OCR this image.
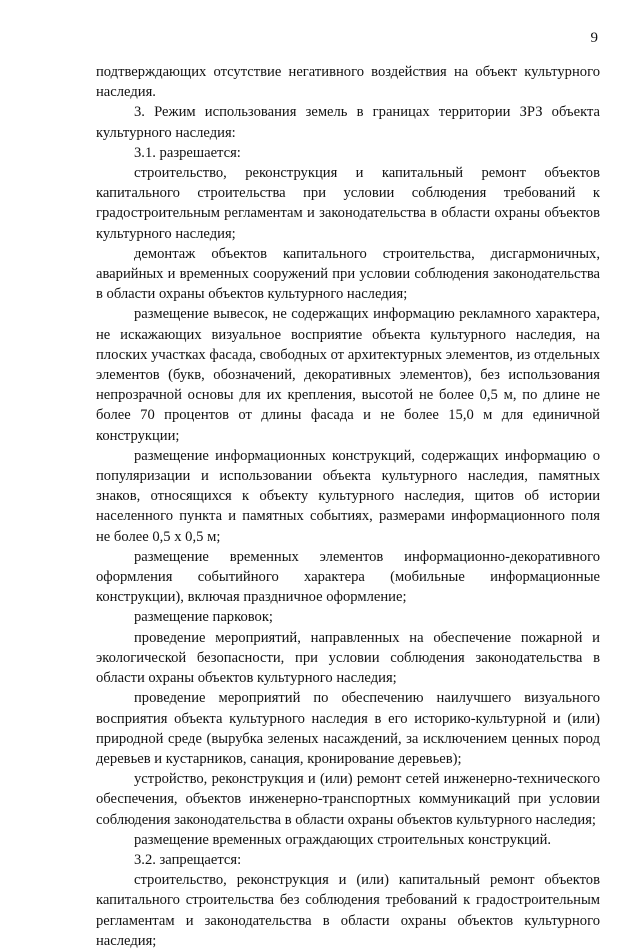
9

подтверждающих отсутствие негативного воздействия на объект культурного наследия.

3. Режим использования земель в границах территории ЗРЗ объекта культурного наследия:

3.1. разрешается:

строительство, реконструкция и капитальный ремонт объектов капитального строительства при условии соблюдения требований к градостроительным регламентам и законодательства в области охраны объектов культурного наследия;

демонтаж объектов капитального строительства, дисгармоничных, аварийных и временных сооружений при условии соблюдения законодательства в области охраны объектов культурного наследия;

размещение вывесок, не содержащих информацию рекламного характера, не искажающих визуальное восприятие объекта культурного наследия, на плоских участках фасада, свободных от архитектурных элементов, из отдельных элементов (букв, обозначений, декоративных элементов), без использования непрозрачной основы для их крепления, высотой не более 0,5 м, по длине не более 70 процентов от длины фасада и не более 15,0 м для единичной конструкции;

размещение информационных конструкций, содержащих информацию о популяризации и использовании объекта культурного наследия, памятных знаков, относящихся к объекту культурного наследия, щитов об истории населенного пункта и памятных событиях, размерами информационного поля не более 0,5 х 0,5 м;

размещение временных элементов информационно-декоративного оформления событийного характера (мобильные информационные конструкции), включая праздничное оформление;

размещение парковок;

проведение мероприятий, направленных на обеспечение пожарной и экологической безопасности, при условии соблюдения законодательства в области охраны объектов культурного наследия;

проведение мероприятий по обеспечению наилучшего визуального восприятия объекта культурного наследия в его историко-культурной и (или) природной среде (вырубка зеленых насаждений, за исключением ценных пород деревьев и кустарников, санация, кронирование деревьев);

устройство, реконструкция и (или) ремонт сетей инженерно-технического обеспечения, объектов инженерно-транспортных коммуникаций при условии соблюдения законодательства в области охраны объектов культурного наследия;

размещение временных ограждающих строительных конструкций.

3.2. запрещается:

строительство, реконструкция и (или) капитальный ремонт объектов капитального строительства без соблюдения требований к градостроительным регламентам и законодательства в области охраны объектов культурного наследия;
